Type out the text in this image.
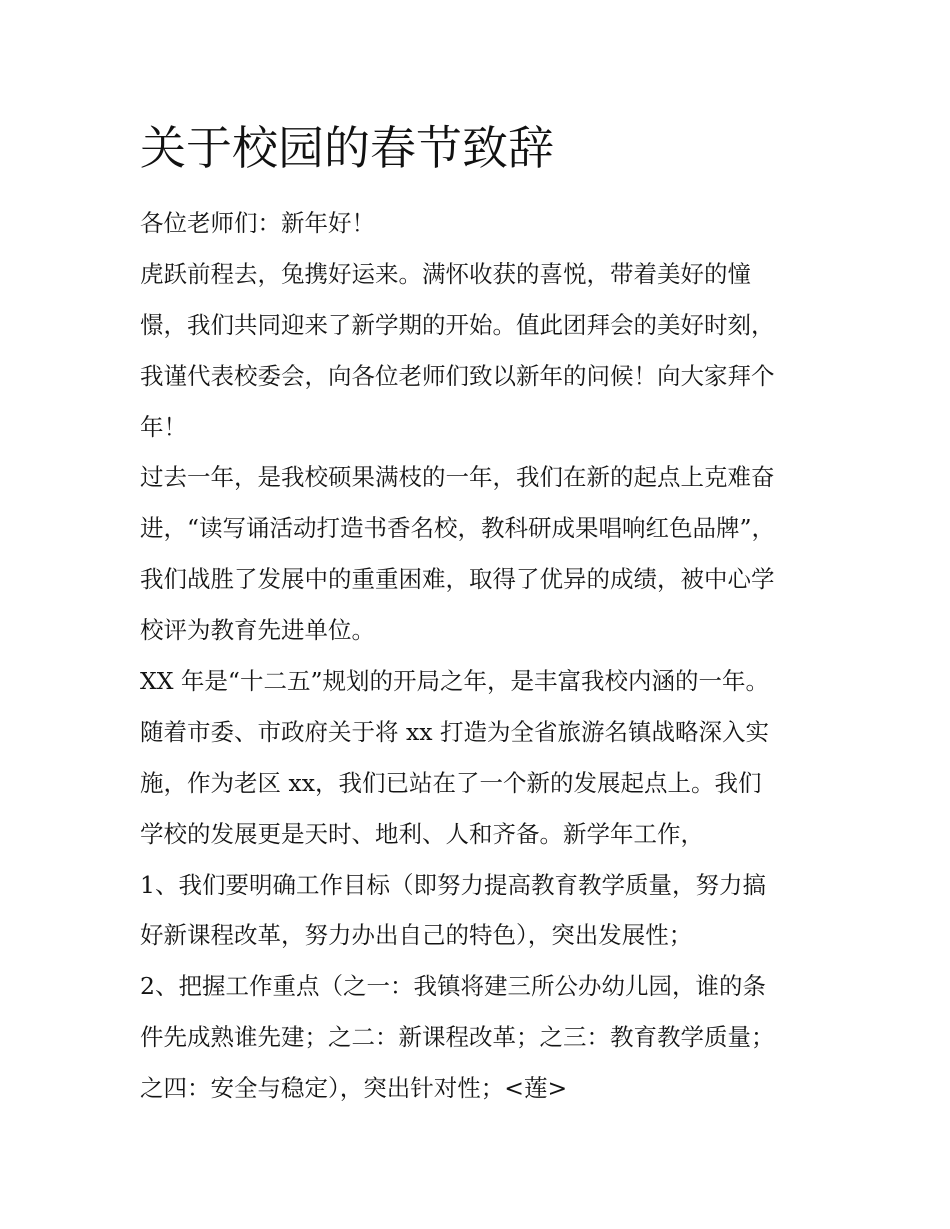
关于校园的春节致辞
各位老师们：新年好！
虎跃前程去，兔携好运来。满怀收获的喜悦，带着美好的憧
憬，我们共同迎来了新学期的开始。值此团拜会的美好时刻，
我谨代表校委会，向各位老师们致以新年的问候！向大家拜个
年！
过去一年，是我校硕果满枝的一年，我们在新的起点上克难奋
进，“读写诵活动打造书香名校，教科研成果唱响红色品牌”，
我们战胜了发展中的重重困难，取得了优异的成绩，被中心学
校评为教育先进单位。
XX 年是“十二五”规划的开局之年，是丰富我校内涵的一年。
随着市委、市政府关于将 xx 打造为全省旅游名镇战略深入实
施，作为老区 xx，我们已站在了一个新的发展起点上。我们
学校的发展更是天时、地利、人和齐备。新学年工作，
1、我们要明确工作目标（即努力提高教育教学质量，努力搞
好新课程改革，努力办出自己的特色），突出发展性；
2、把握工作重点（之一：我镇将建三所公办幼儿园，谁的条
件先成熟谁先建；之二：新课程改革；之三：教育教学质量；
之四：安全与稳定），突出针对性；<莲>
